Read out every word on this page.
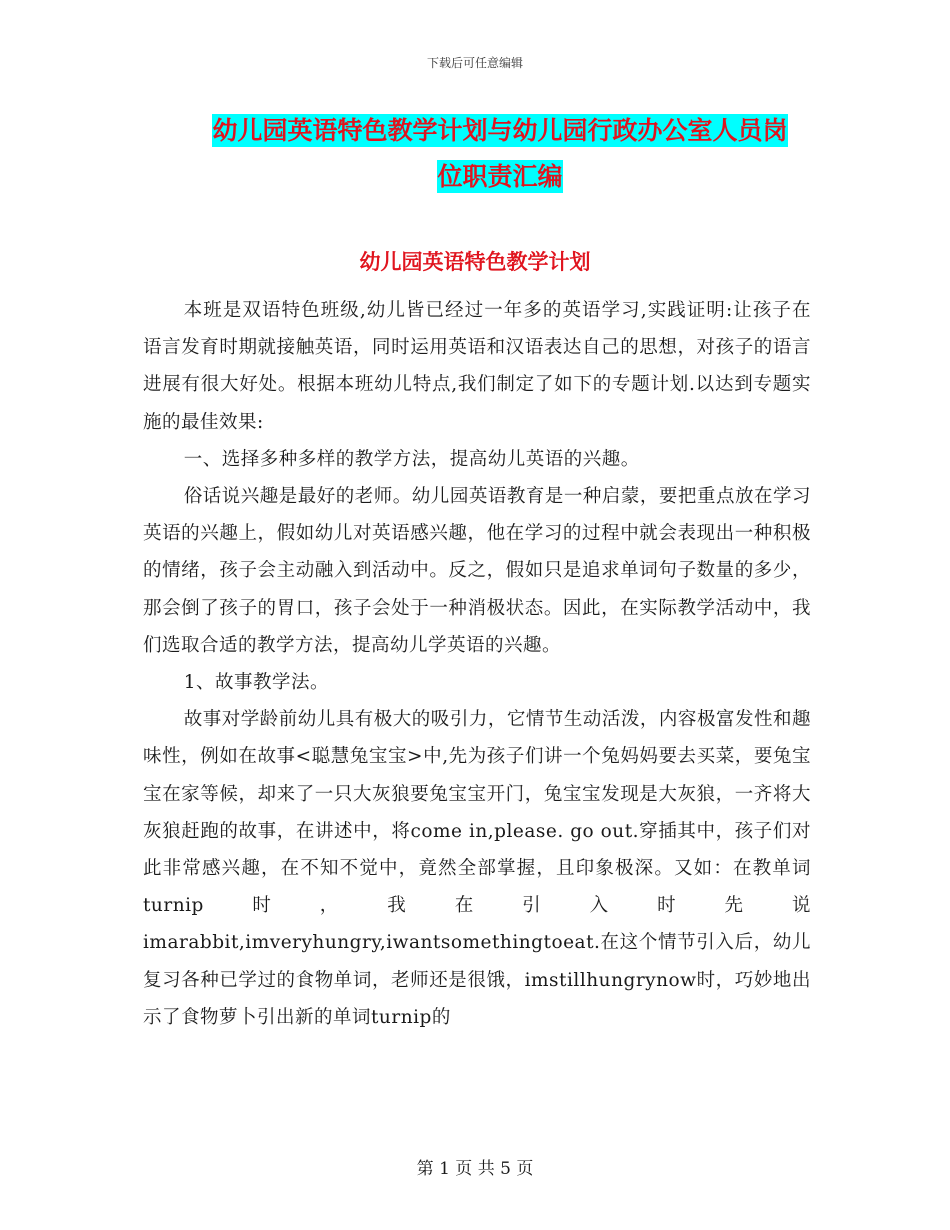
下载后可任意编辑
幼儿园英语特色教学计划与幼儿园行政办公室人员岗
位职责汇编
幼儿园英语特色教学计划

本班是双语特色班级,幼儿皆已经过一年多的英语学习,实践证明:让孩子在语言发育时期就接触英语，同时运用英语和汉语表达自己的思想，对孩子的语言进展有很大好处。根据本班幼儿特点,我们制定了如下的专题计划.以达到专题实施的最佳效果:

一、选择多种多样的教学方法，提高幼儿英语的兴趣。

俗话说兴趣是最好的老师。幼儿园英语教育是一种启蒙，要把重点放在学习英语的兴趣上，假如幼儿对英语感兴趣，他在学习的过程中就会表现出一种积极的情绪，孩子会主动融入到活动中。反之，假如只是追求单词句子数量的多少，那会倒了孩子的胃口，孩子会处于一种消极状态。因此，在实际教学活动中，我们选取合适的教学方法，提高幼儿学英语的兴趣。

1、故事教学法。

故事对学龄前幼儿具有极大的吸引力，它情节生动活泼，内容极富发性和趣味性，例如在故事<聪慧兔宝宝>中,先为孩子们讲一个兔妈妈要去买菜，要兔宝宝在家等候，却来了一只大灰狼要兔宝宝开门，兔宝宝发现是大灰狼，一齐将大灰狼赶跑的故事，在讲述中，将come in,please. go out.穿插其中，孩子们对此非常感兴趣，在不知不觉中，竟然全部掌握，且印象极深。又如：在教单词turnip时，我在引入时先说imarabbit,imveryhungry,iwantsomethingtoeat.在这个情节引入后，幼儿复习各种已学过的食物单词，老师还是很饿，imstillhungrynow时，巧妙地出示了食物萝卜引出新的单词turnip的

第 1 页 共 5 页
